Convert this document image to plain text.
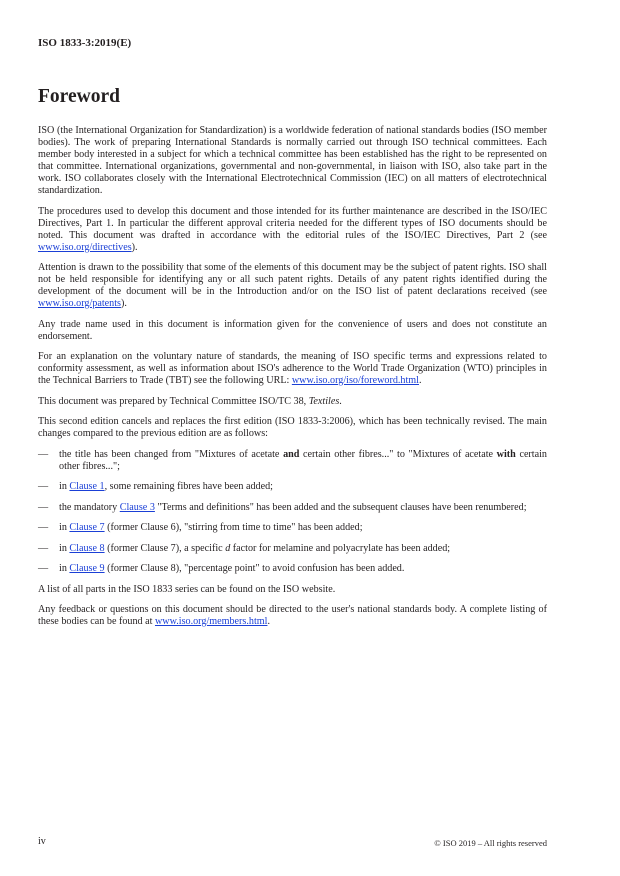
ISO 1833-3:2019(E)
Foreword

ISO (the International Organization for Standardization) is a worldwide federation of national standards bodies (ISO member bodies). The work of preparing International Standards is normally carried out through ISO technical committees. Each member body interested in a subject for which a technical committee has been established has the right to be represented on that committee. International organizations, governmental and non-governmental, in liaison with ISO, also take part in the work. ISO collaborates closely with the International Electrotechnical Commission (IEC) on all matters of electrotechnical standardization.

The procedures used to develop this document and those intended for its further maintenance are described in the ISO/IEC Directives, Part 1. In particular the different approval criteria needed for the different types of ISO documents should be noted. This document was drafted in accordance with the editorial rules of the ISO/IEC Directives, Part 2 (see www.iso.org/directives).

Attention is drawn to the possibility that some of the elements of this document may be the subject of patent rights. ISO shall not be held responsible for identifying any or all such patent rights. Details of any patent rights identified during the development of the document will be in the Introduction and/or on the ISO list of patent declarations received (see www.iso.org/patents).

Any trade name used in this document is information given for the convenience of users and does not constitute an endorsement.

For an explanation on the voluntary nature of standards, the meaning of ISO specific terms and expressions related to conformity assessment, as well as information about ISO's adherence to the World Trade Organization (WTO) principles in the Technical Barriers to Trade (TBT) see the following URL: www.iso.org/iso/foreword.html.

This document was prepared by Technical Committee ISO/TC 38, Textiles.

This second edition cancels and replaces the first edition (ISO 1833-3:2006), which has been technically revised. The main changes compared to the previous edition are as follows:

—	the title has been changed from "Mixtures of acetate and certain other fibres..." to "Mixtures of acetate with certain other fibres...";
—	in Clause 1, some remaining fibres have been added;
—	the mandatory Clause 3 "Terms and definitions" has been added and the subsequent clauses have been renumbered;
—	in Clause 7 (former Clause 6), "stirring from time to time" has been added;
—	in Clause 8 (former Clause 7), a specific d factor for melamine and polyacrylate has been added;
—	in Clause 9 (former Clause 8), "percentage point" to avoid confusion has been added.

A list of all parts in the ISO 1833 series can be found on the ISO website.

Any feedback or questions on this document should be directed to the user's national standards body. A complete listing of these bodies can be found at www.iso.org/members.html.

iv	© ISO 2019 – All rights reserved
